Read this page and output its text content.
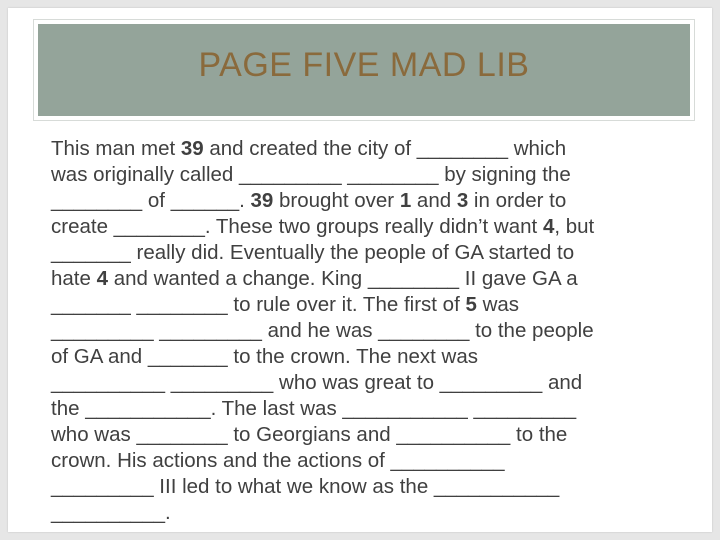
PAGE FIVE MAD LIB
This man met 39 and created the city of ________ which
was originally called _________ ________ by signing the
________ of ______. 39 brought over 1 and 3 in order to
create ________. These two groups really didn’t want 4, but
_______ really did. Eventually the people of GA started to
hate 4 and wanted a change. King ________ II gave GA a
_______ ________ to rule over it. The first of 5 was
_________ _________ and he was ________ to the people
of GA and _______ to the crown. The next was
__________ _________ who was great to _________ and
the ___________. The last was ___________ _________
who was ________ to Georgians and __________ to the
crown. His actions and the actions of __________
_________ III led to what we know as the ___________
__________.
